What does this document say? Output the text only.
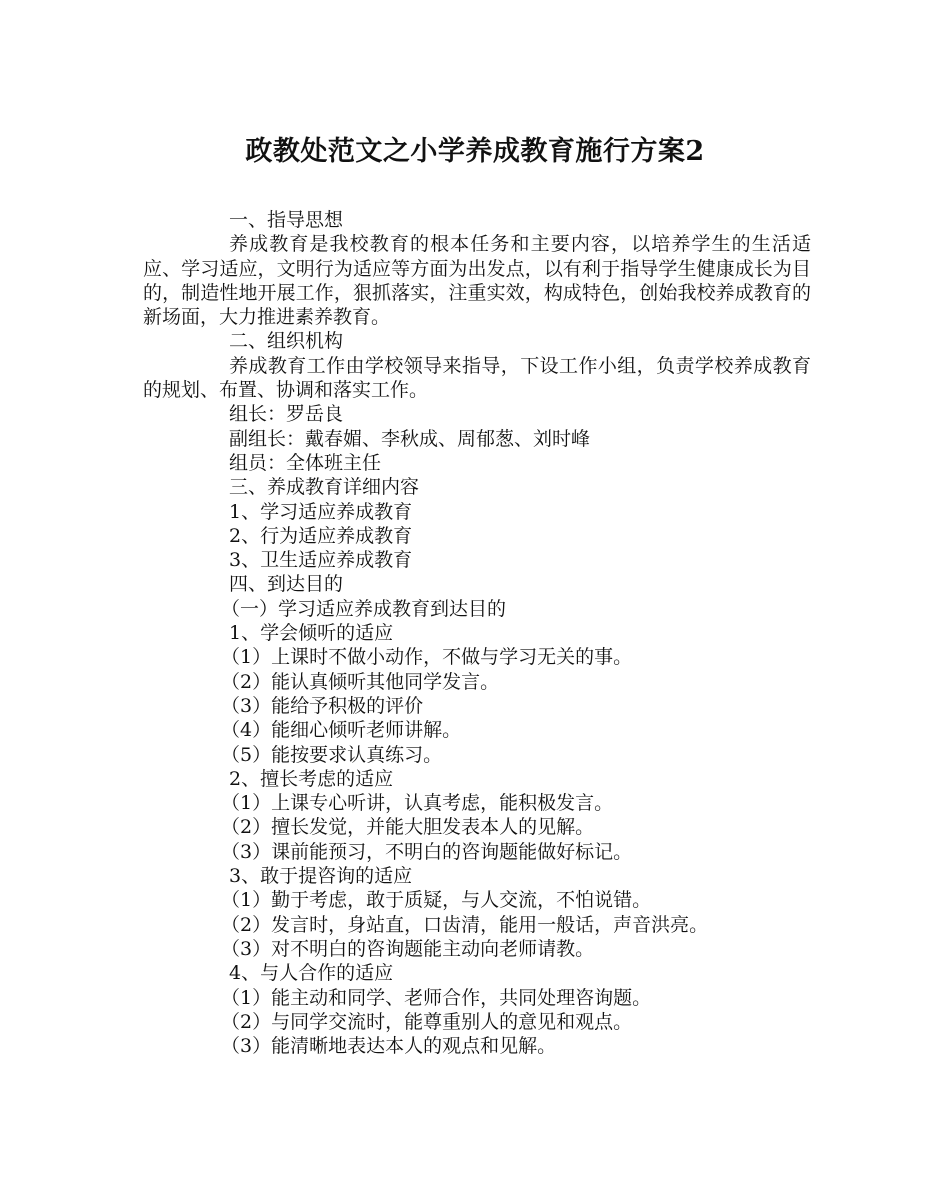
政教处范文之小学养成教育施行方案2
一、指导思想

养成教育是我校教育的根本任务和主要内容，以培养学生的生活适应、学习适应，文明行为适应等方面为出发点，以有利于指导学生健康成长为目的，制造性地开展工作，狠抓落实，注重实效，构成特色，创始我校养成教育的新场面，大力推进素养教育。

二、组织机构

养成教育工作由学校领导来指导，下设工作小组，负责学校养成教育的规划、布置、协调和落实工作。

组长：罗岳良
副组长：戴春媚、李秋成、周郁葱、刘时峰
组员：全体班主任
三、养成教育详细内容
1、学习适应养成教育
2、行为适应养成教育
3、卫生适应养成教育
四、到达目的
（一）学习适应养成教育到达目的
1、学会倾听的适应
（1）上课时不做小动作，不做与学习无关的事。
（2）能认真倾听其他同学发言。
（3）能给予积极的评价
（4）能细心倾听老师讲解。
（5）能按要求认真练习。
2、擅长考虑的适应
（1）上课专心听讲，认真考虑，能积极发言。
（2）擅长发觉，并能大胆发表本人的见解。
（3）课前能预习，不明白的咨询题能做好标记。
3、敢于提咨询的适应
（1）勤于考虑，敢于质疑，与人交流，不怕说错。
（2）发言时，身站直，口齿清，能用一般话，声音洪亮。
（3）对不明白的咨询题能主动向老师请教。
4、与人合作的适应
（1）能主动和同学、老师合作，共同处理咨询题。
（2）与同学交流时，能尊重别人的意见和观点。
（3）能清晰地表达本人的观点和见解。
